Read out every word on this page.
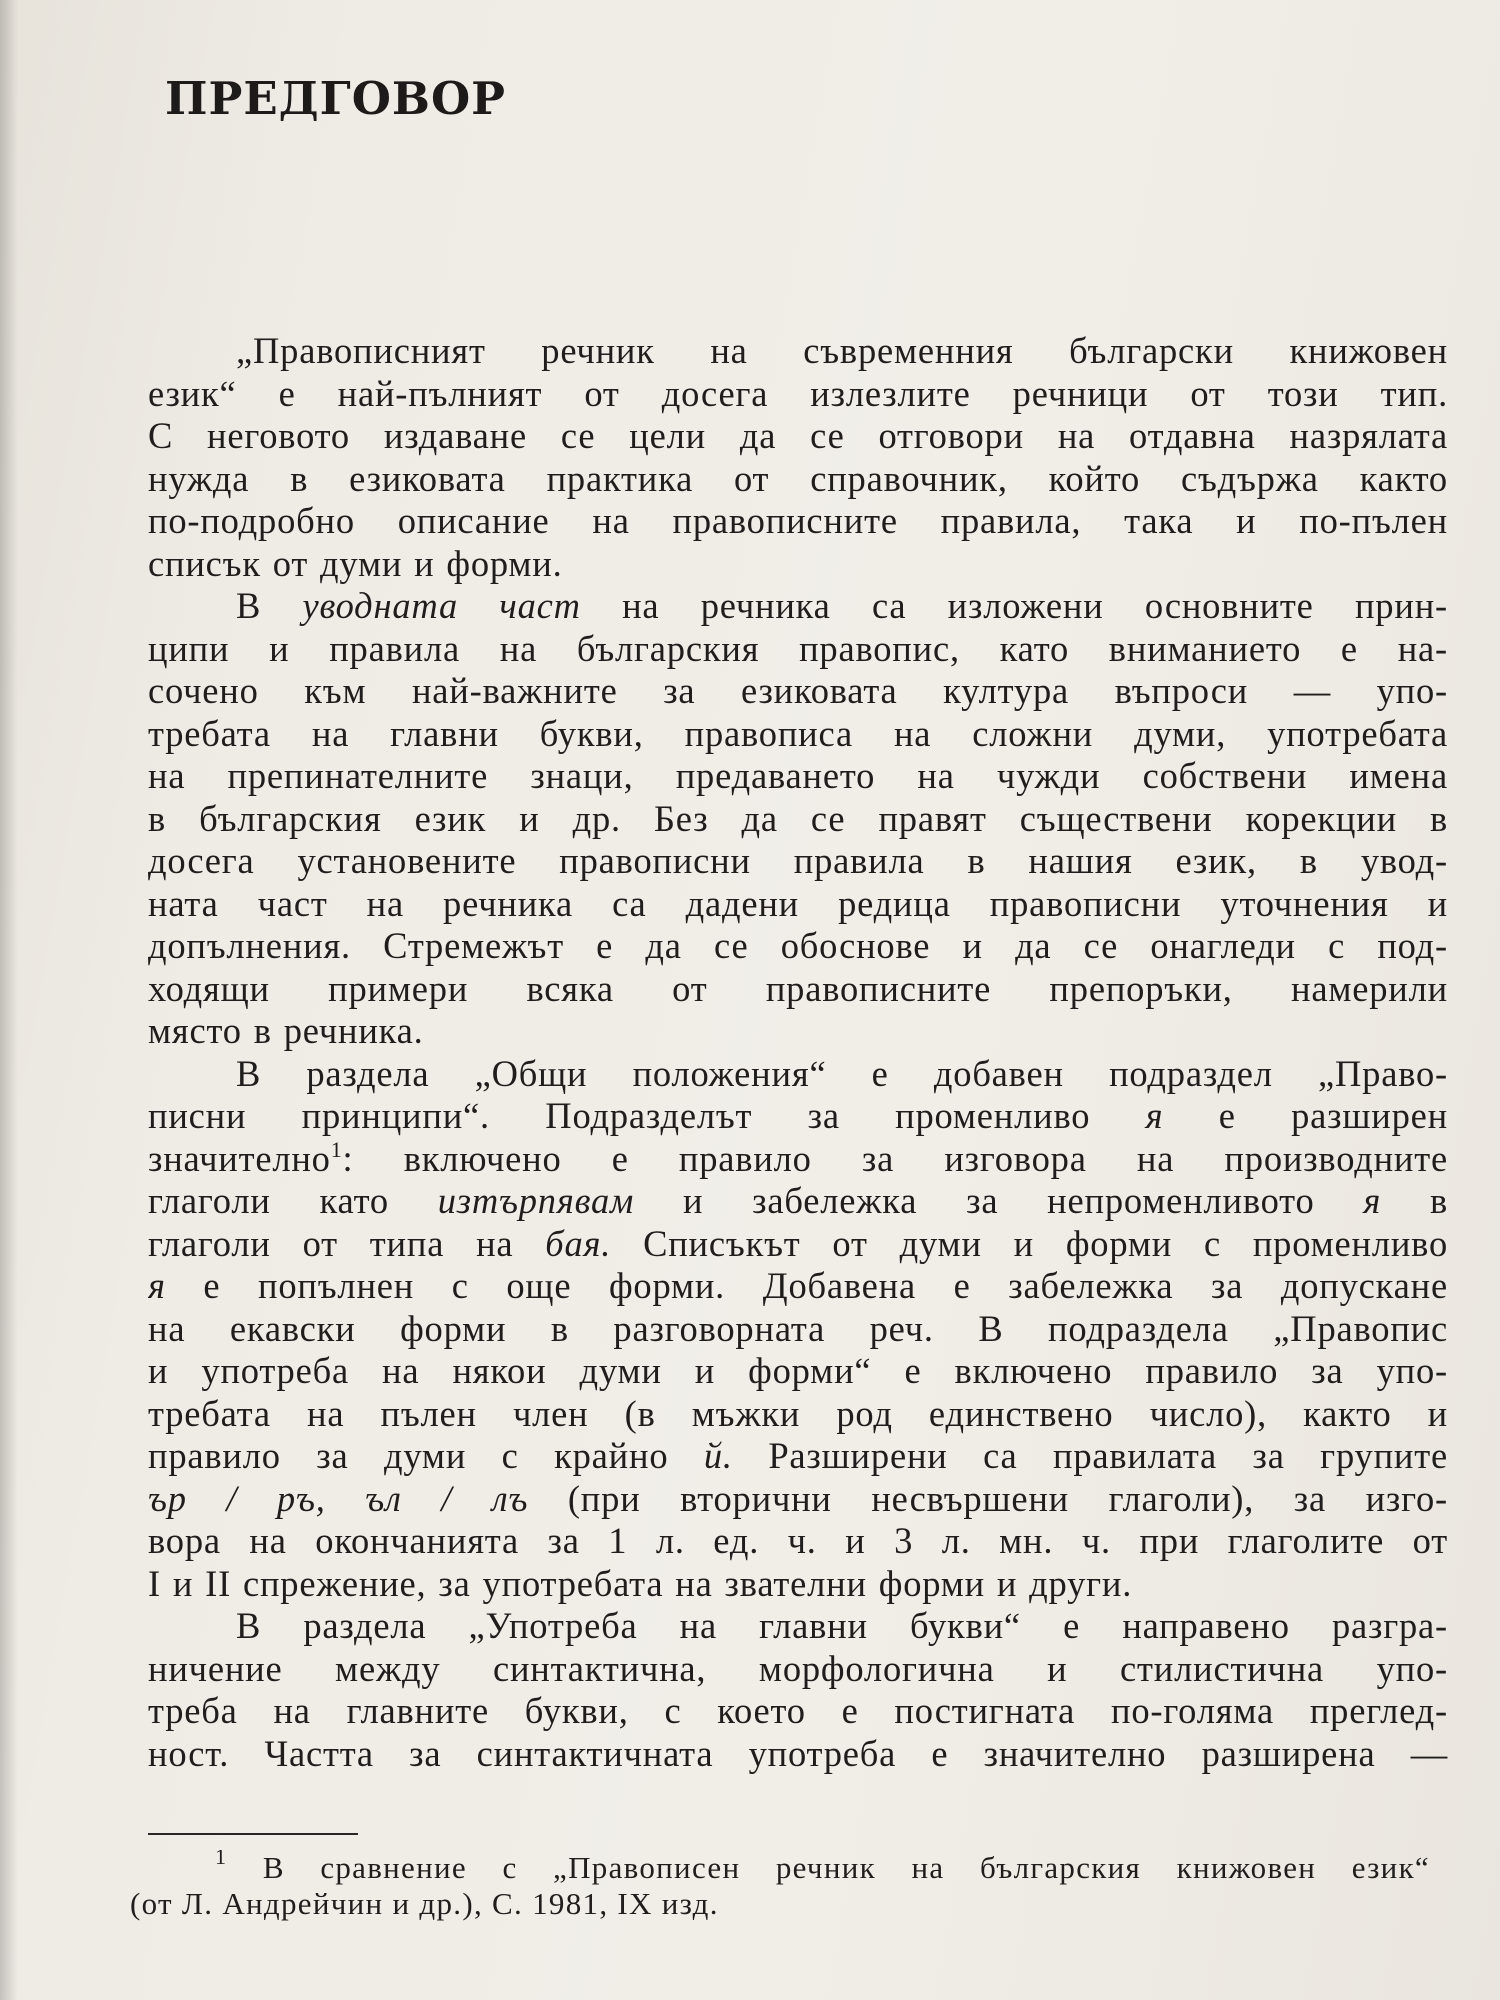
ПРЕДГОВОР

„Правописният речник на съвременния български книжовен
език“ е най-пълният от досега излезлите речници от този тип.
С неговото издаване се цели да се отговори на отдавна назрялата
нужда в езиковата практика от справочник, който съдържа както
по-подробно описание на правописните правила, така и по-пълен
списък от думи и форми.

В уводната част на речника са изложени основните прин-
ципи и правила на българския правопис, като вниманието е на-
сочено към най-важните за езиковата култура въпроси — упо-
требата на главни букви, правописа на сложни думи, употребата
на препинателните знаци, предаването на чужди собствени имена
в българския език и др. Без да се правят съществени корекции в
досега установените правописни правила в нашия език, в увод-
ната част на речника са дадени редица правописни уточнения и
допълнения. Стремежът е да се обоснове и да се онагледи с под-
ходящи примери всяка от правописните препоръки, намерили
място в речника.

В раздела „Общи положения“ е добавен подраздел „Право-
писни принципи“. Подразделът за променливо я е разширен
значително$^1$: включено е правило за изговора на производните
глаголи като изтърпявам и забележка за непроменливото я в
глаголи от типа на бая. Списъкът от думи и форми с променливо
я е попълнен с още форми. Добавена е забележка за допускане
на екавски форми в разговорната реч. В подраздела „Правопис
и употреба на някои думи и форми“ е включено правило за упо-
требата на пълен член (в мъжки род единствено число), както и
правило за думи с крайно й. Разширени са правилата за групите
ър / ръ, ъл / лъ (при вторични несвършени глаголи), за изго-
вора на окончанията за 1 л. ед. ч. и 3 л. мн. ч. при глаголите от
I и II спрежение, за употребата на звателни форми и други.

В раздела „Употреба на главни букви“ е направено разгра-
ничение между синтактична, морфологична и стилистична упо-
треба на главните букви, с което е постигната по-голяма преглед-
ност. Частта за синтактичната употреба е значително разширена —

$^1$ В сравнение с „Правописен речник на българския книжовен език“
(от Л. Андрейчин и др.), С. 1981, IX изд.
